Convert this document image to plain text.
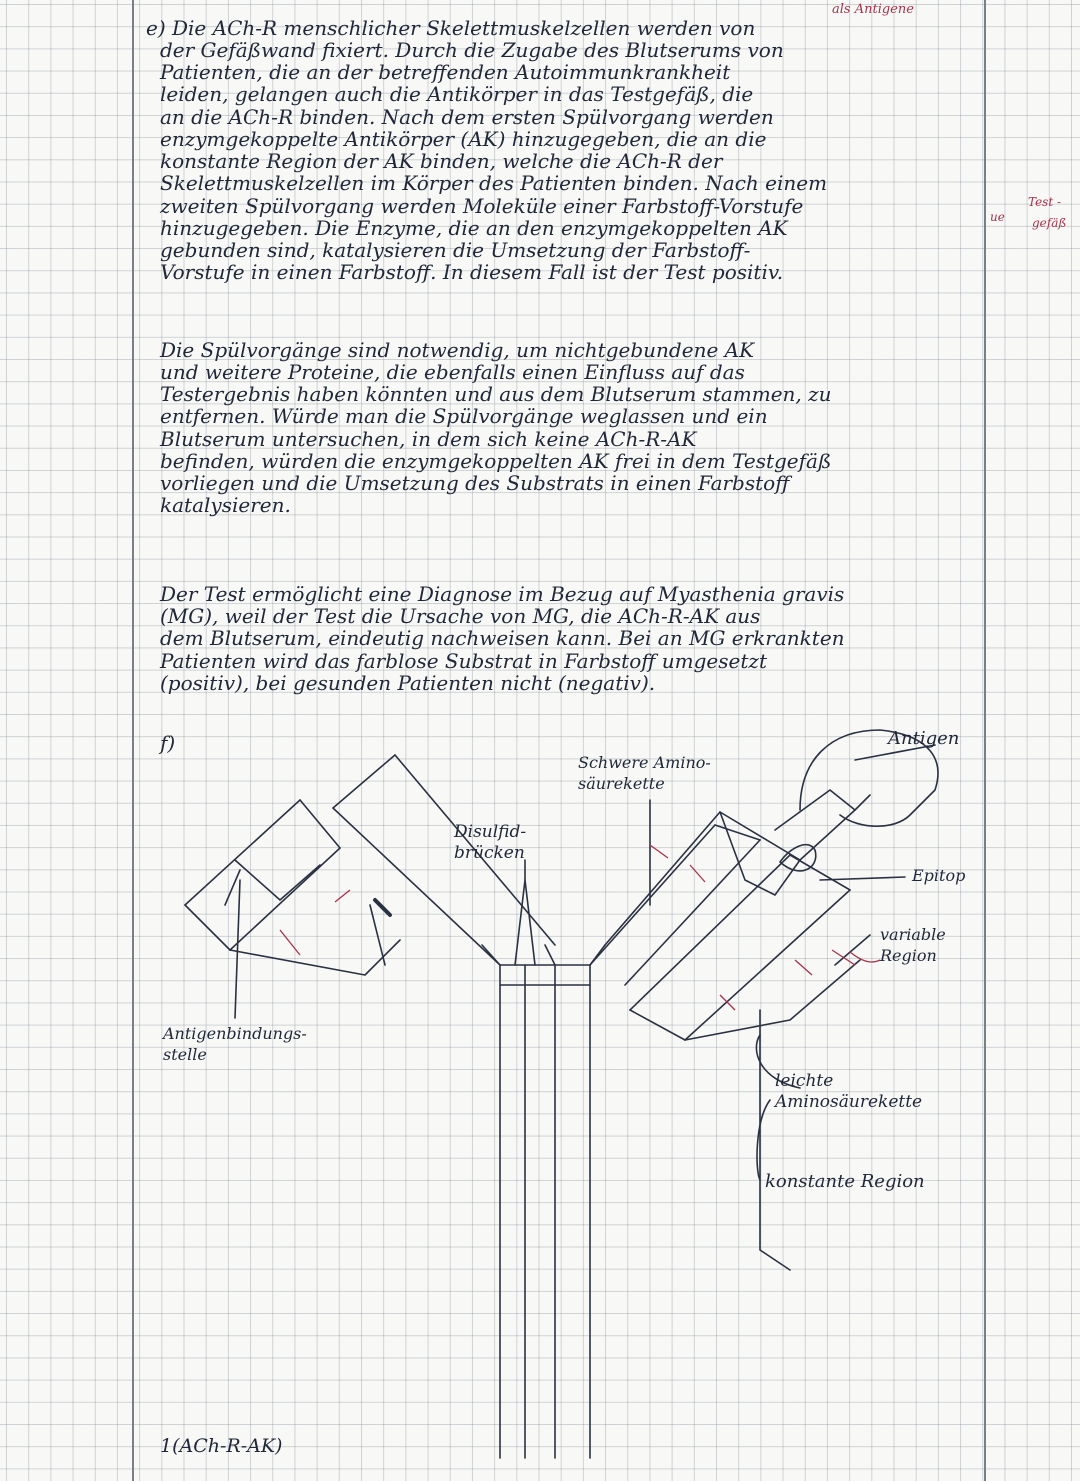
als Antigene
e) Die ACh-R menschlicher Skelettmuskelzellen werden von
der Gefäßwand fixiert. Durch die Zugabe des Blutserums von
Patienten, die an der betreffenden Autoimmunkrankheit
leiden, gelangen auch die Antikörper in das Testgefäß, die
an die ACh-R binden. Nach dem ersten Spülvorgang werden
enzymgekoppelte Antikörper (AK) hinzugegeben, die an die
konstante Region der AK binden, welche die ACh-R der
Skelettmuskelzellen im Körper des Patienten binden. Nach einem
zweiten Spülvorgang werden Moleküle einer Farbstoff-Vorstufe
hinzugegeben. Die Enzyme, die an den enzymgekoppelten AK
gebunden sind, katalysieren die Umsetzung der Farbstoff-
Vorstufe in einen Farbstoff. In diesem Fall ist der Test positiv.
Test -
gefäß
ue
Die Spülvorgänge sind notwendig, um nichtgebundene AK
und weitere Proteine, die ebenfalls einen Einfluss auf das
Testergebnis haben könnten und aus dem Blutserum stammen, zu
entfernen. Würde man die Spülvorgänge weglassen und ein
Blutserum untersuchen, in dem sich keine ACh-R-AK
befinden, würden die enzymgekoppelten AK frei in dem Testgefäß
vorliegen und die Umsetzung des Substrats in einen Farbstoff
katalysieren.
Der Test ermöglicht eine Diagnose im Bezug auf Myasthenia gravis
(MG), weil der Test die Ursache von MG, die ACh-R-AK aus
dem Blutserum, eindeutig nachweisen kann. Bei an MG erkrankten
Patienten wird das farblose Substrat in Farbstoff umgesetzt
(positiv), bei gesunden Patienten nicht (negativ).
f)	Antigen
Schwere Amino-
säurekette
Disulfid-
brücken
Epitop
variable
Region
Antigenbindungs-
stelle
leichte
Aminosäurekette
konstante Region
1(ACh-R-AK)
